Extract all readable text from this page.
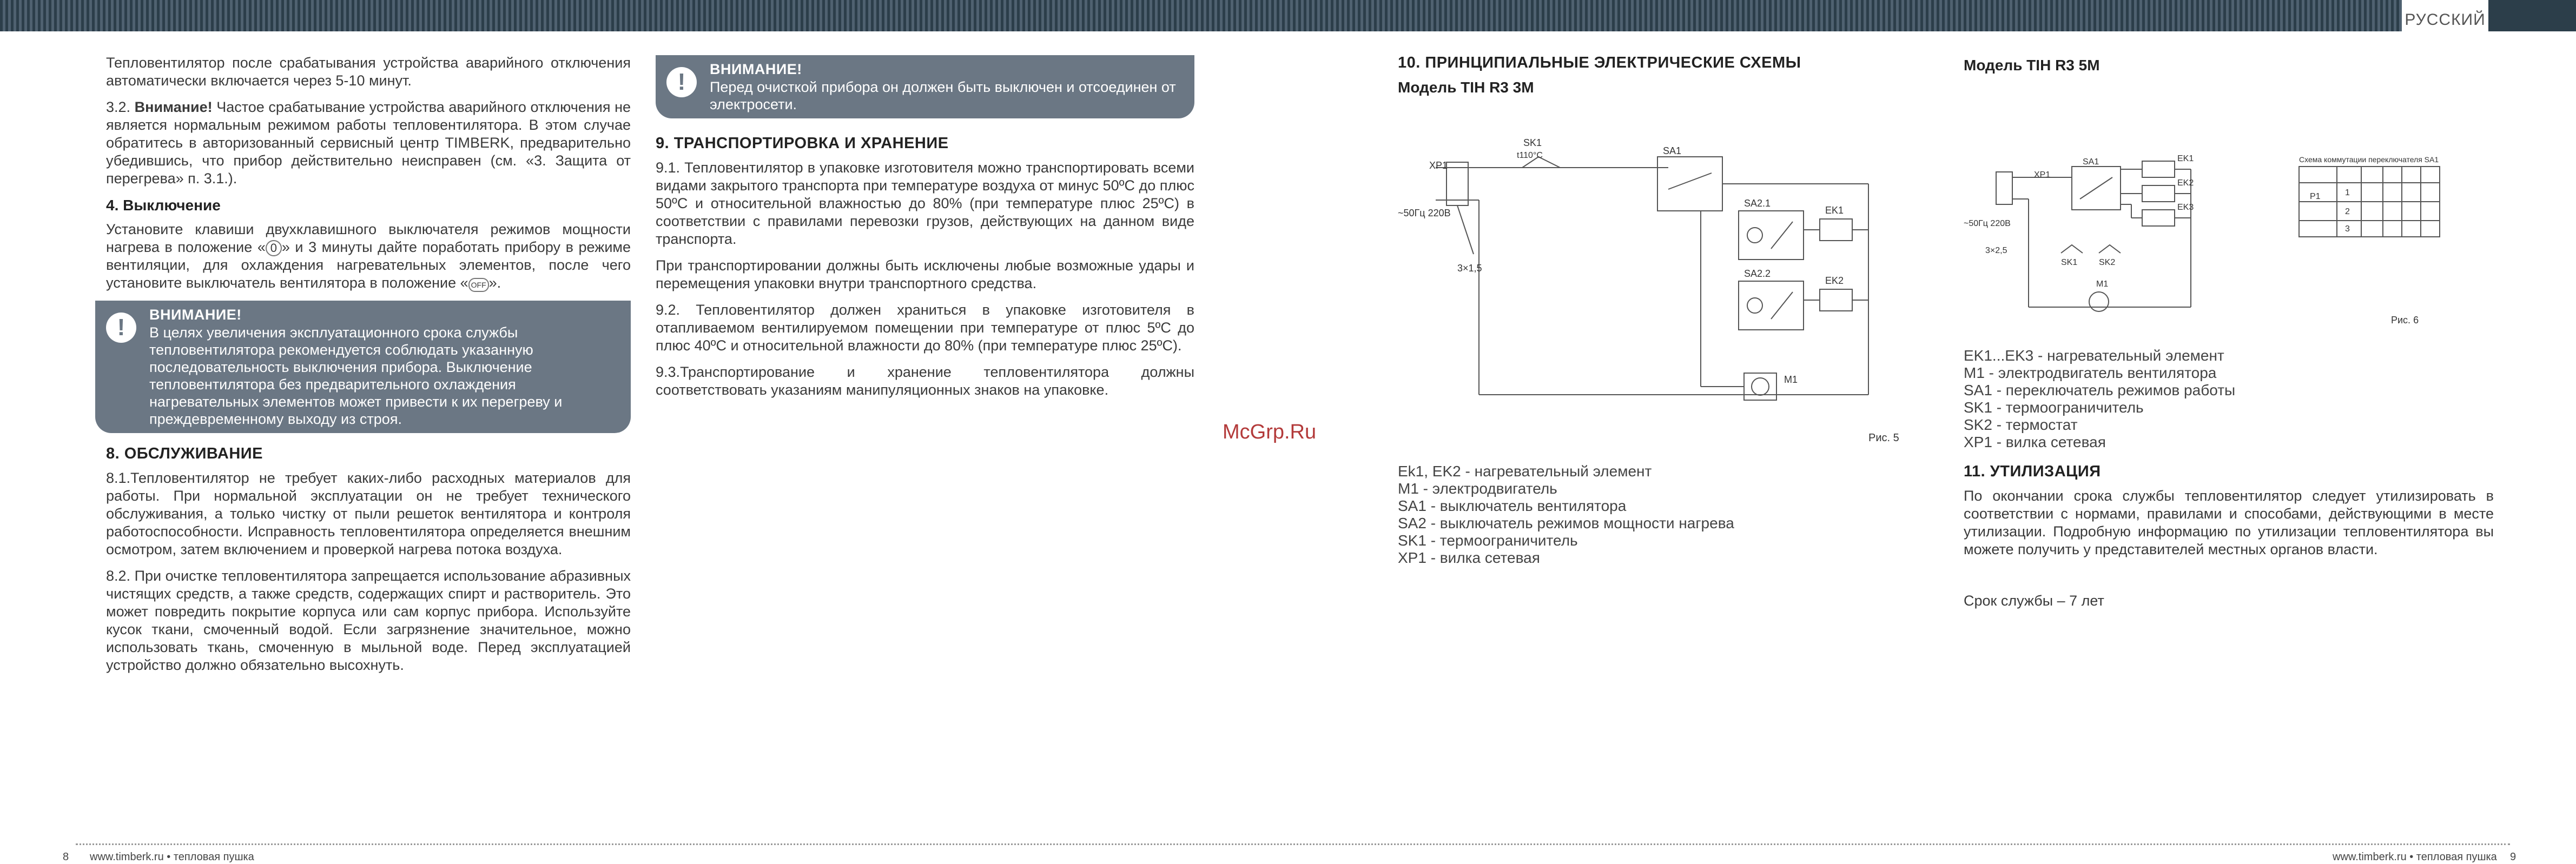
РУССКИЙ

Тепловентилятор после срабатывания устройства аварийного отключения автоматически включается через 5-10 минут.

3.2. Внимание! Частое срабатывание устройства аварийного отключения не является нормальным режимом работы тепловентилятора. В этом случае обратитесь в авторизованный сервисный центр TIMBERK, предварительно убедившись, что прибор действительно неисправен (см. «3. Защита от перегрева» п. 3.1.).

4. Выключение

Установите клавиши двухклавишного выключателя режимов мощности нагрева в положение « 0 » и 3 минуты дайте поработать прибору в режиме вентиляции, для охлаждения нагревательных элементов, после чего установите выключатель вентилятора в положение « OFF ».

!	ВНИМАНИЕ!
В целях увеличения эксплуатационного срока службы тепловентилятора рекомендуется соблюдать указанную последовательность выключения прибора. Выключение тепловентилятора без предварительного охлаждения нагревательных элементов может привести к их перегреву и преждевременному выходу из строя.
8. ОБСЛУЖИВАНИЕ

8.1.Тепловентилятор не требует каких-либо расходных материалов для работы. При нормальной эксплуатации он не требует технического обслуживания, а только чистку от пыли решеток вентилятора и контроля работоспособности. Исправность тепловентилятора определяется внешним осмотром, затем включением и проверкой нагрева потока воздуха.

8.2. При очистке тепловентилятора запрещается использование абразивных чистящих средств, а также средств, содержащих спирт и растворитель. Это может повредить покрытие корпуса или сам корпус прибора. Используйте кусок ткани, смоченный водой. Если загрязнение значительное, можно использовать ткань, смоченную в мыльной воде. Перед эксплуатацией устройство должно обязательно высохнуть.

!	ВНИМАНИЕ!
Перед очисткой прибора он должен быть выключен и отсоединен от электросети.
9. ТРАНСПОРТИРОВКА И ХРАНЕНИЕ

9.1. Тепловентилятор в упаковке изготовителя можно транспортировать всеми видами закрытого транспорта при температуре воздуха от минус 50ºС до плюс 50ºС и относительной влажностью до 80% (при температуре плюс 25ºС) в соответствии с правилами перевозки грузов, действующих на данном виде транспорта.

При транспортировании должны быть исключены любые возможные удары и перемещения упаковки внутри транспортного средства.

9.2. Тепловентилятор должен храниться в упаковке изготовителя в отапливаемом вентилируемом помещении при температуре от плюс 5ºС до плюс 40ºС и относительной влажности до 80% (при температуре плюс 25ºС).

9.3.Транспортирование и хранение тепловентилятора должны соответствовать указаниям манипуляционных знаков на упаковке.

McGrp.Ru
10. ПРИНЦИПИАЛЬНЫЕ ЭЛЕКТРИЧЕСКИЕ СХЕМЫ
Модель TIH R3 3M
XP1
SK1
t110°C	SA1
SA2.1
SA2.2
EK1
EK2
M1
~50Гц 220В
3×1,5
Рис. 5
Ek1, EK2 - нагревательный элемент
M1 - электродвигатель
SA1 - выключатель вентилятора
SA2 - выключатель режимов мощности нагрева
SK1 - термоограничитель
XP1 - вилка сетевая
Модель TIH R3 5M
XP1
SA1	EK1
EK2
EK3
SK1 SK2
M1
~50Гц 220В
3×2,5
Схема коммутации переключателя SA1
P1	1
2
3
Рис. 6
EK1...EK3 - нагревательный элемент
M1 - электродвигатель вентилятора
SA1 - переключатель режимов работы
SK1 - термоограничитель
SK2 - термостат
XP1 - вилка сетевая
11. УТИЛИЗАЦИЯ

По окончании срока службы тепловентилятор следует утилизировать в соответствии с нормами, правилами и способами, действующими в месте утилизации. Подробную информацию по утилизации тепловентилятора вы можете получить у представителей местных органов власти.

Срок службы – 7 лет

8 www.timberk.ru • тепловая пушка	www.timberk.ru • тепловая пушка 9
